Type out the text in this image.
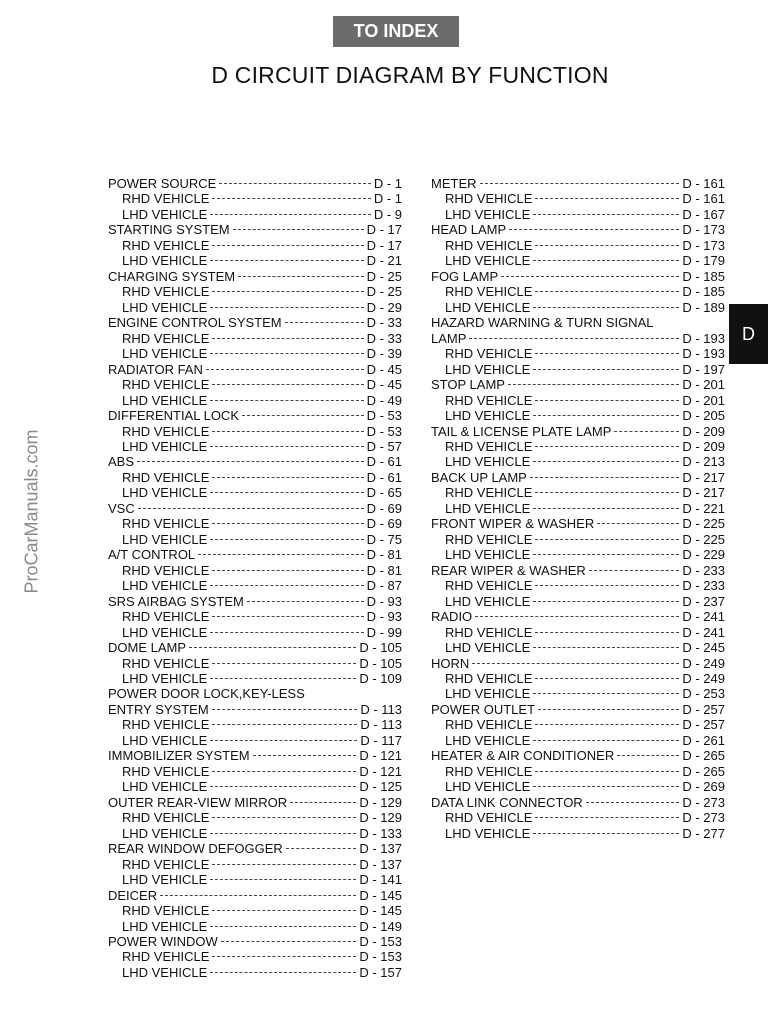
TO INDEX
D CIRCUIT DIAGRAM BY FUNCTION
ProCarManuals.com
D
POWER SOURCE	D - 1
RHD VEHICLE	D - 1
LHD VEHICLE	D - 9
STARTING SYSTEM	D - 17
RHD VEHICLE	D - 17
LHD VEHICLE	D - 21
CHARGING SYSTEM	D - 25
RHD VEHICLE	D - 25
LHD VEHICLE	D - 29
ENGINE CONTROL SYSTEM	D - 33
RHD VEHICLE	D - 33
LHD VEHICLE	D - 39
RADIATOR FAN	D - 45
RHD VEHICLE	D - 45
LHD VEHICLE	D - 49
DIFFERENTIAL LOCK	D - 53
RHD VEHICLE	D - 53
LHD VEHICLE	D - 57
ABS	D - 61
RHD VEHICLE	D - 61
LHD VEHICLE	D - 65
VSC	D - 69
RHD VEHICLE	D - 69
LHD VEHICLE	D - 75
A/T CONTROL	D - 81
RHD VEHICLE	D - 81
LHD VEHICLE	D - 87
SRS AIRBAG SYSTEM	D - 93
RHD VEHICLE	D - 93
LHD VEHICLE	D - 99
DOME LAMP	D - 105
RHD VEHICLE	D - 105
LHD VEHICLE	D - 109
POWER DOOR LOCK,KEY-LESS
ENTRY SYSTEM	D - 113
RHD VEHICLE	D - 113
LHD VEHICLE	D - 117
IMMOBILIZER SYSTEM	D - 121
RHD VEHICLE	D - 121
LHD VEHICLE	D - 125
OUTER REAR-VIEW MIRROR	D - 129
RHD VEHICLE	D - 129
LHD VEHICLE	D - 133
REAR WINDOW DEFOGGER	D - 137
RHD VEHICLE	D - 137
LHD VEHICLE	D - 141
DEICER	D - 145
RHD VEHICLE	D - 145
LHD VEHICLE	D - 149
POWER WINDOW	D - 153
RHD VEHICLE	D - 153
LHD VEHICLE	D - 157
METER	D - 161
RHD VEHICLE	D - 161
LHD VEHICLE	D - 167
HEAD LAMP	D - 173
RHD VEHICLE	D - 173
LHD VEHICLE	D - 179
FOG LAMP	D - 185
RHD VEHICLE	D - 185
LHD VEHICLE	D - 189
HAZARD WARNING & TURN SIGNAL
LAMP	D - 193
RHD VEHICLE	D - 193
LHD VEHICLE	D - 197
STOP LAMP	D - 201
RHD VEHICLE	D - 201
LHD VEHICLE	D - 205
TAIL & LICENSE PLATE LAMP	D - 209
RHD VEHICLE	D - 209
LHD VEHICLE	D - 213
BACK UP LAMP	D - 217
RHD VEHICLE	D - 217
LHD VEHICLE	D - 221
FRONT WIPER & WASHER	D - 225
RHD VEHICLE	D - 225
LHD VEHICLE	D - 229
REAR WIPER & WASHER	D - 233
RHD VEHICLE	D - 233
LHD VEHICLE	D - 237
RADIO	D - 241
RHD VEHICLE	D - 241
LHD VEHICLE	D - 245
HORN	D - 249
RHD VEHICLE	D - 249
LHD VEHICLE	D - 253
POWER OUTLET	D - 257
RHD VEHICLE	D - 257
LHD VEHICLE	D - 261
HEATER & AIR CONDITIONER	D - 265
RHD VEHICLE	D - 265
LHD VEHICLE	D - 269
DATA LINK CONNECTOR	D - 273
RHD VEHICLE	D - 273
LHD VEHICLE	D - 277
